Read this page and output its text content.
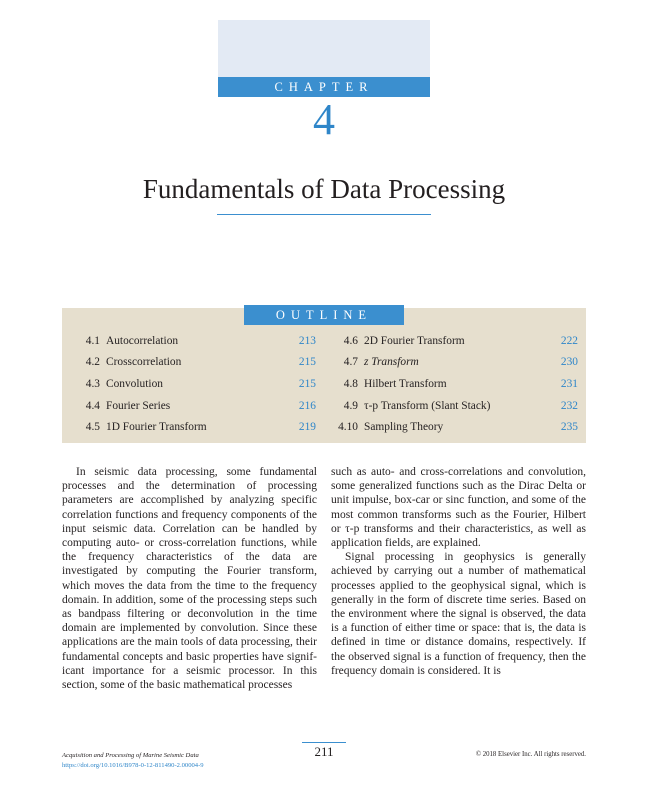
CHAPTER
4
Fundamentals of Data Processing
4.1 Autocorrelation	213
4.2 Crosscorrelation	215
4.3 Convolution	215
4.4 Fourier Series	216
4.5 1D Fourier Transform	219
4.6 2D Fourier Transform	222
4.7 z Transform	230
4.8 Hilbert Transform	231
4.9 τ-p Transform (Slant Stack)	232
4.10 Sampling Theory	235
OUTLINE

In seismic data processing, some fundamental processes and the determination of processing parameters are accomplished by analyzing specific correlation functions and frequency components of the input seismic data. Correlation can be handled by computing auto- or cross-correlation functions, while the frequency characteristics of the data are investigated by computing the Fourier transform, which moves the data from the time to the frequency domain. In addition, some of the processing steps such as bandpass filtering or deconvolution in the time domain are implemented by convolution. Since these applications are the main tools of data processing, their fundamental concepts and basic properties have significant importance for a seismic processor. In this section, some of the basic mathematical processes

such as auto- and cross-correlations and convolution, some generalized functions such as the Dirac Delta or unit impulse, box-car or sinc function, and some of the most common transforms such as the Fourier, Hilbert or τ-p transforms and their characteristics, as well as application fields, are explained.

Signal processing in geophysics is generally achieved by carrying out a number of mathematical processes applied to the geophysical signal, which is generally in the form of discrete time series. Based on the environment where the signal is observed, the data is a function of either time or space: that is, the data is defined in time or distance domains, respectively. If the observed signal is a function of frequency, then the frequency domain is considered. It is

Acquisition and Processing of Marine Seismic Data
https://doi.org/10.1016/B978-0-12-811490-2.00004-9
211	© 2018 Elsevier Inc. All rights reserved.
